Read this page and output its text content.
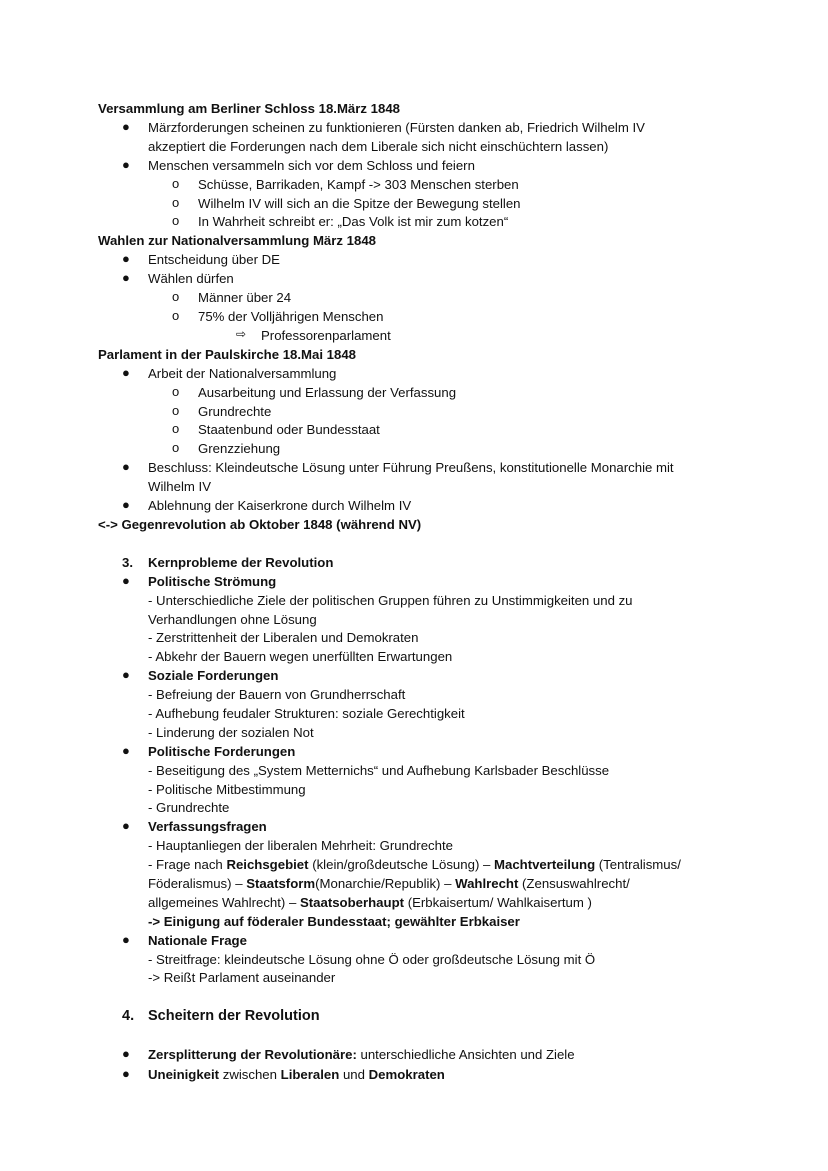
Versammlung am Berliner Schloss 18.März 1848
●	Märzforderungen scheinen zu funktionieren (Fürsten danken ab, Friedrich Wilhelm IV
akzeptiert die Forderungen nach dem Liberale sich nicht einschüchtern lassen)
●	Menschen versammeln sich vor dem Schloss und feiern
o	Schüsse, Barrikaden, Kampf -> 303 Menschen sterben
o	Wilhelm IV will sich an die Spitze der Bewegung stellen
o	In Wahrheit schreibt er: „Das Volk ist mir zum kotzen“
Wahlen zur Nationalversammlung März 1848
●	Entscheidung über DE
●	Wählen dürfen
o	Männer über 24
o	75% der Volljährigen Menschen
⇨ Professorenparlament
Parlament in der Paulskirche 18.Mai 1848
●	Arbeit der Nationalversammlung
o	Ausarbeitung und Erlassung der Verfassung
o	Grundrechte
o	Staatenbund oder Bundesstaat
o	Grenzziehung
●	Beschluss: Kleindeutsche Lösung unter Führung Preußens, konstitutionelle Monarchie mit
Wilhelm IV
●	Ablehnung der Kaiserkrone durch Wilhelm IV
<-> Gegenrevolution ab Oktober 1848 (während NV)
3. Kernprobleme der Revolution
●	Politische Strömung
- Unterschiedliche Ziele der politischen Gruppen führen zu Unstimmigkeiten und zu
Verhandlungen ohne Lösung
- Zerstrittenheit der Liberalen und Demokraten
- Abkehr der Bauern wegen unerfüllten Erwartungen
●	Soziale Forderungen
- Befreiung der Bauern von Grundherrschaft
- Aufhebung feudaler Strukturen: soziale Gerechtigkeit
- Linderung der sozialen Not
●	Politische Forderungen
- Beseitigung des „System Metternichs“ und Aufhebung Karlsbader Beschlüsse
- Politische Mitbestimmung
- Grundrechte
●	Verfassungsfragen
- Hauptanliegen der liberalen Mehrheit: Grundrechte
- Frage nach Reichsgebiet (klein/großdeutsche Lösung) – Machtverteilung (Tentralismus/
Föderalismus) – Staatsform(Monarchie/Republik) – Wahlrecht (Zensuswahlrecht/
allgemeines Wahlrecht) – Staatsoberhaupt (Erbkaisertum/ Wahlkaisertum )
-> Einigung auf föderaler Bundesstaat; gewählter Erbkaiser
●	Nationale Frage
- Streitfrage: kleindeutsche Lösung ohne Ö oder großdeutsche Lösung mit Ö
-> Reißt Parlament auseinander
4. Scheitern der Revolution
●	Zersplitterung der Revolutionäre: unterschiedliche Ansichten und Ziele
●	Uneinigkeit zwischen Liberalen und Demokraten
